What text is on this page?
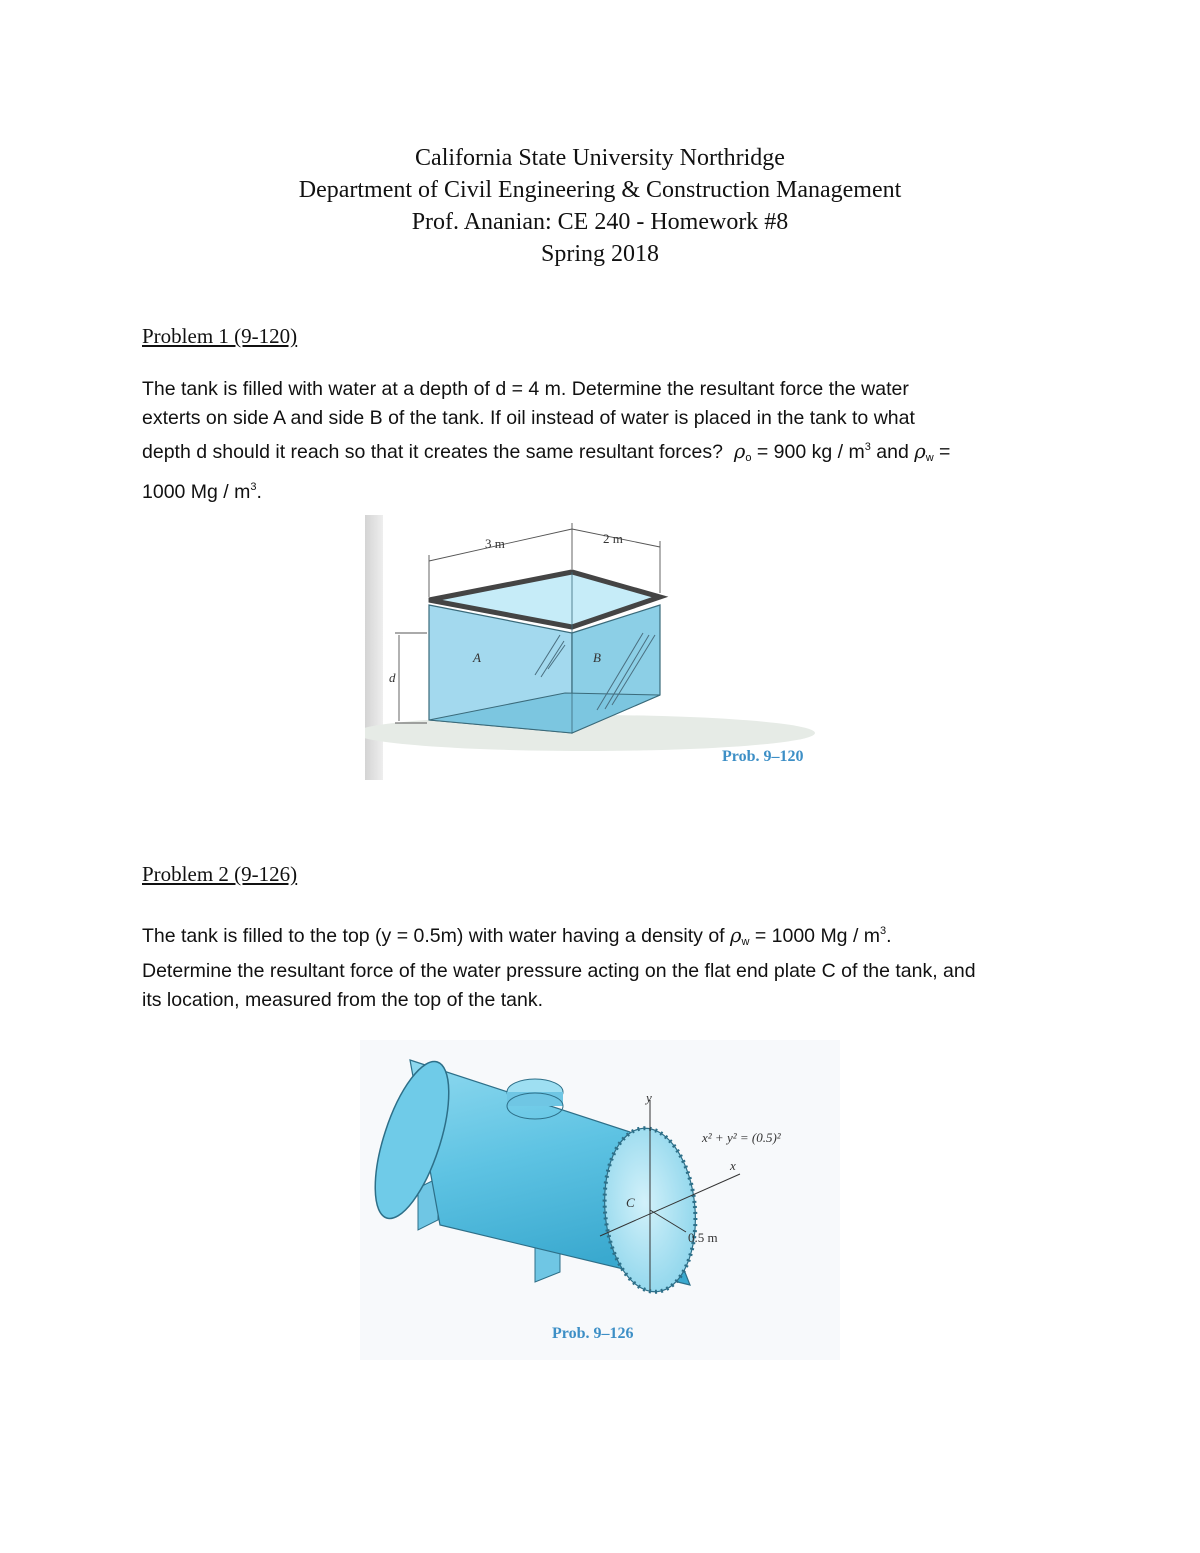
California State University Northridge
Department of Civil Engineering & Construction Management
Prof. Ananian: CE 240 - Homework #8
Spring 2018
Problem 1 (9-120)
The tank is filled with water at a depth of d = 4 m. Determine the resultant force the water
exterts on side A and side B of the tank. If oil instead of water is placed in the tank to what
depth d should it reach so that it creates the same resultant forces? $\rho_o = 900$ kg / $m^3$ and $\rho_w$ =
1000 Mg / $m^3$.
3 m	2 m
A	B
d
Prob. 9–120
Problem 2 (9-126)
The tank is filled to the top (y = 0.5m) with water having a density of $\rho_w = 1000$ Mg / $m^3$.
Determine the resultant force of the water pressure acting on the flat end plate C of the tank, and
its location, measured from the top of the tank.
y
x
x² + y² = (0.5)²
C
0.5 m
Prob. 9–126
